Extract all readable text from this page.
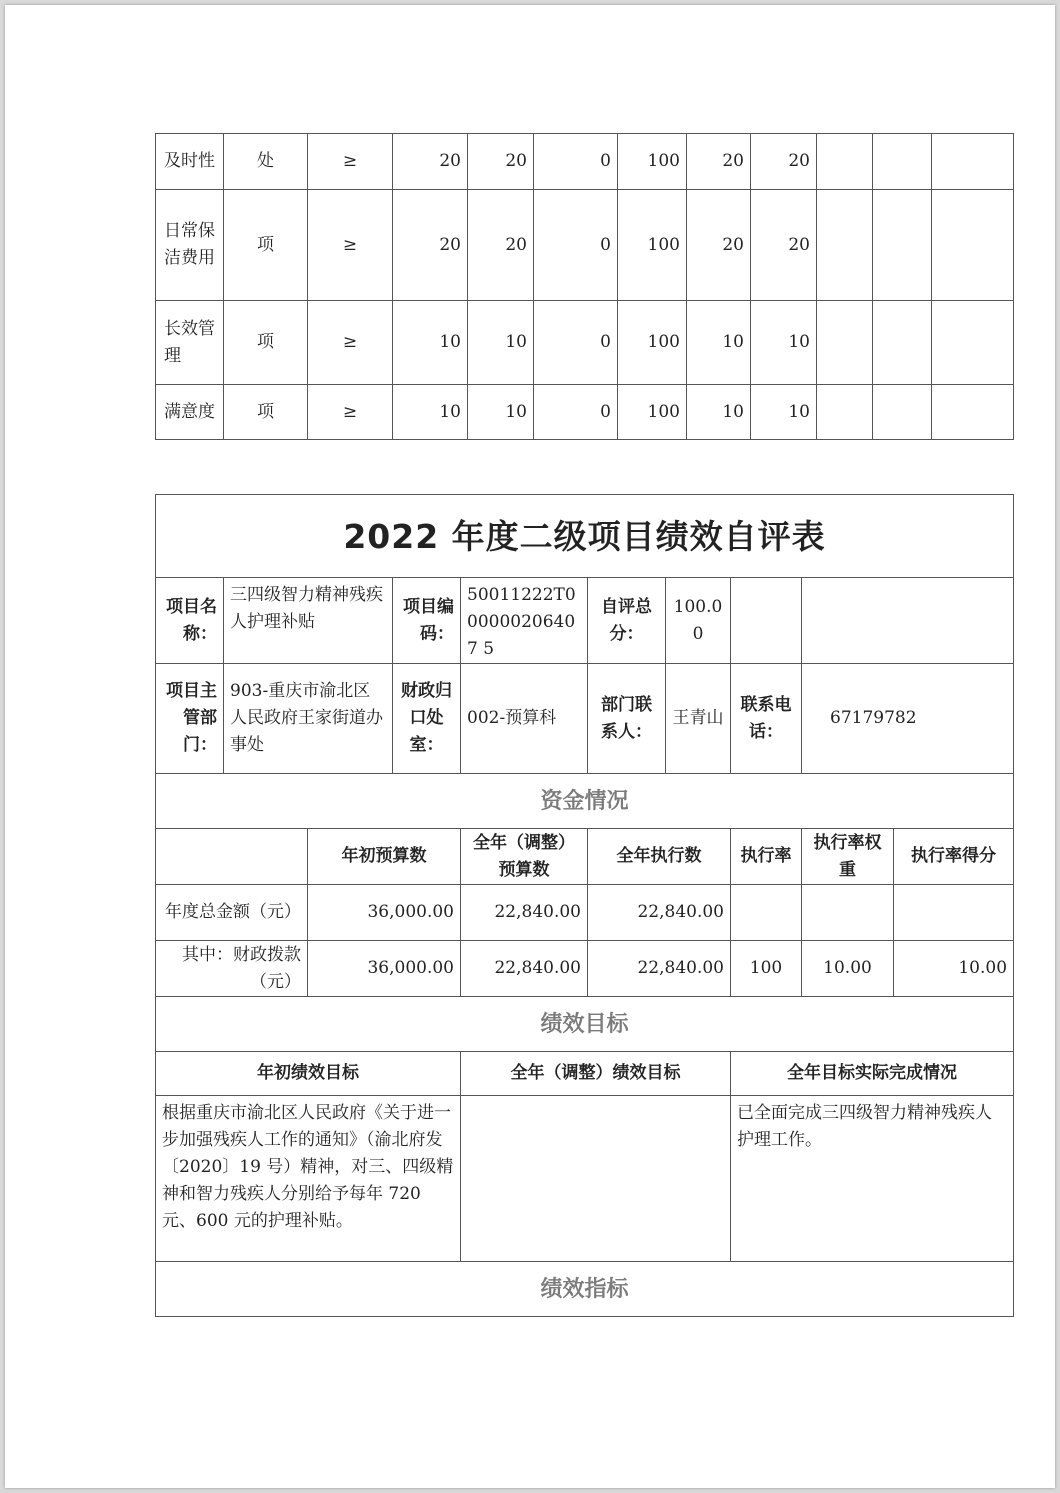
及时性	处	≥	20	20	0	100	20	20			
日常保洁费用	项	≥	20	20	0	100	20	20			
长效管理	项	≥	10	10	0	100	10	10			
满意度	项	≥	10	10	0	100	10	10			
2022 年度二级项目绩效自评表									
项目名称：	三四级智力精神残疾人护理补贴		项目编码：	50011222T000000206407 5	自评总分：	100.00			
项目主管部门：	903-重庆市渝北区人民政府王家街道办事处		财政归口处室：	002-预算科	部门联系人：	王青山	联系电话：	67179782	
资金情况									
		年初预算数		全年（调整）预算数	全年执行数		执行率	执行率权重	执行率得分
年度总金额（元）		36,000.00		22,840.00	22,840.00				
其中：财政拨款（元）		36,000.00		22,840.00	22,840.00		100	10.00	10.00
绩效目标									
年初绩效目标				全年（调整）绩效目标			全年目标实际完成情况		
根据重庆市渝北区人民政府《关于进一步加强残疾人工作的通知》（渝北府发〔2020〕19 号）精神，对三、四级精神和智力残疾人分别给予每年 720 元、600 元的护理补贴。							已全面完成三四级智力精神残疾人护理工作。		
绩效指标									
